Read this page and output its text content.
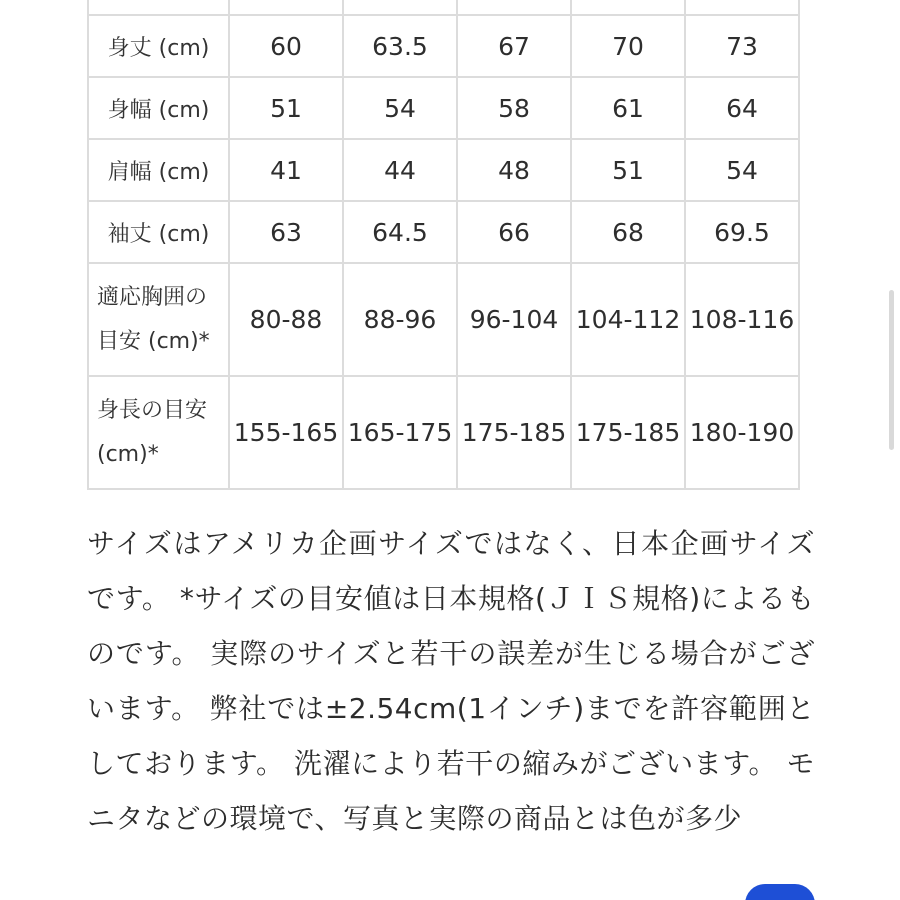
身丈 (cm)	60	63.5	67	70	73
身幅 (cm)	51	54	58	61	64
肩幅 (cm)	41	44	48	51	54
袖丈 (cm)	63	64.5	66	68	69.5
適応胸囲の目安 (cm)*	80-88	88-96	96-104	104-112	108-116
身長の目安 (cm)*	155-165	165-175	175-185	175-185	180-190
サイズはアメリカ企画サイズではなく、日本企画サイズです。 *サイズの目安値は日本規格(ＪＩＳ規格)によるものです。 実際のサイズと若干の誤差が生じる場合がございます。 弊社では±2.54cm(1インチ)までを許容範囲としております。 洗濯により若干の縮みがございます。 モニタなどの環境で、写真と実際の商品とは色が多少
